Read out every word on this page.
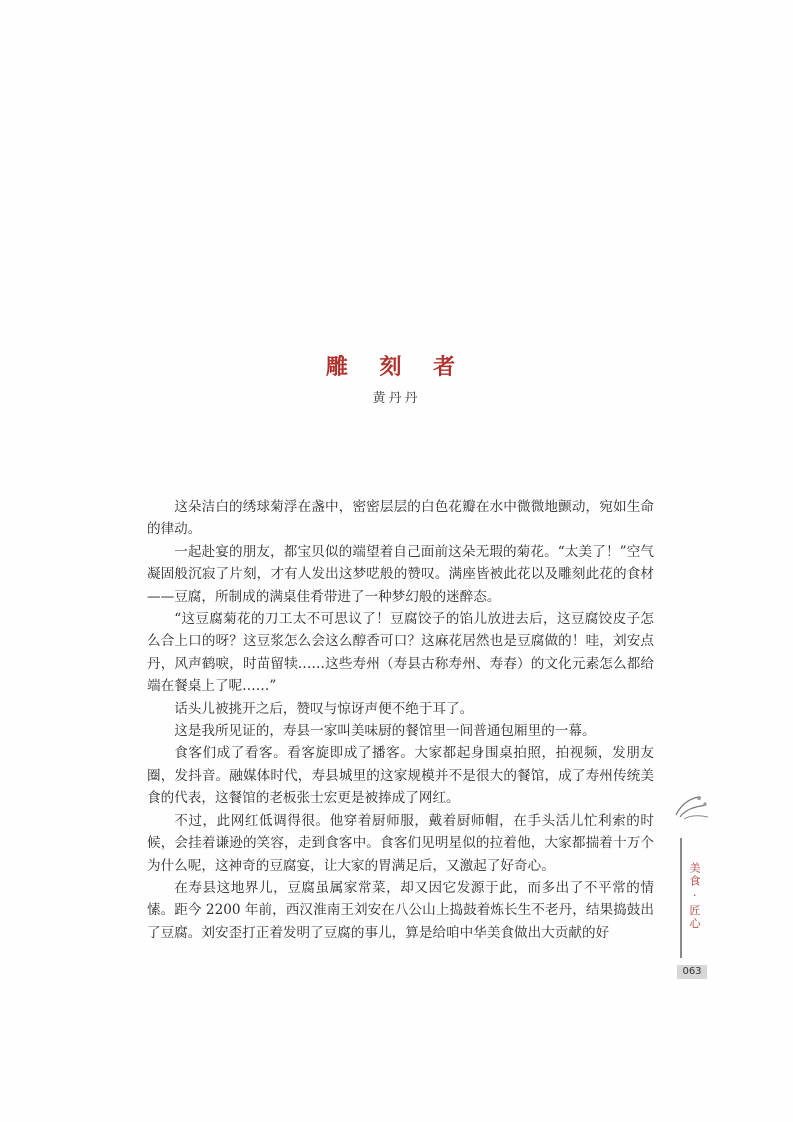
雕 刻 者
黄丹丹

这朵洁白的绣球菊浮在盏中，密密层层的白色花瓣在水中微微地颤动，宛如生命的律动。

一起赴宴的朋友，都宝贝似的端望着自己面前这朵无瑕的菊花。“太美了！”空气凝固般沉寂了片刻，才有人发出这梦呓般的赞叹。满座皆被此花以及雕刻此花的食材——豆腐，所制成的满桌佳肴带进了一种梦幻般的迷醉态。

“这豆腐菊花的刀工太不可思议了！豆腐饺子的馅儿放进去后，这豆腐饺皮子怎么合上口的呀？这豆浆怎么会这么醇香可口？这麻花居然也是豆腐做的！哇，刘安点丹，风声鹤唳，时苗留犊……这些寿州（寿县古称寿州、寿春）的文化元素怎么都给端在餐桌上了呢……”

话头儿被挑开之后，赞叹与惊讶声便不绝于耳了。

这是我所见证的，寿县一家叫美味厨的餐馆里一间普通包厢里的一幕。

食客们成了看客。看客旋即成了播客。大家都起身围桌拍照，拍视频，发朋友圈，发抖音。融媒体时代，寿县城里的这家规模并不是很大的餐馆，成了寿州传统美食的代表，这餐馆的老板张士宏更是被捧成了网红。

不过，此网红低调得很。他穿着厨师服，戴着厨师帽，在手头活儿忙利索的时候，会挂着谦逊的笑容，走到食客中。食客们见明星似的拉着他，大家都揣着十万个为什么呢，这神奇的豆腐宴，让大家的胃满足后，又激起了好奇心。

在寿县这地界儿，豆腐虽属家常菜，却又因它发源于此，而多出了不平常的情愫。距今 2200 年前，西汉淮南王刘安在八公山上捣鼓着炼长生不老丹，结果捣鼓出了豆腐。刘安歪打正着发明了豆腐的事儿，算是给咱中华美食做出大贡献的好

美食 · 匠心
063
